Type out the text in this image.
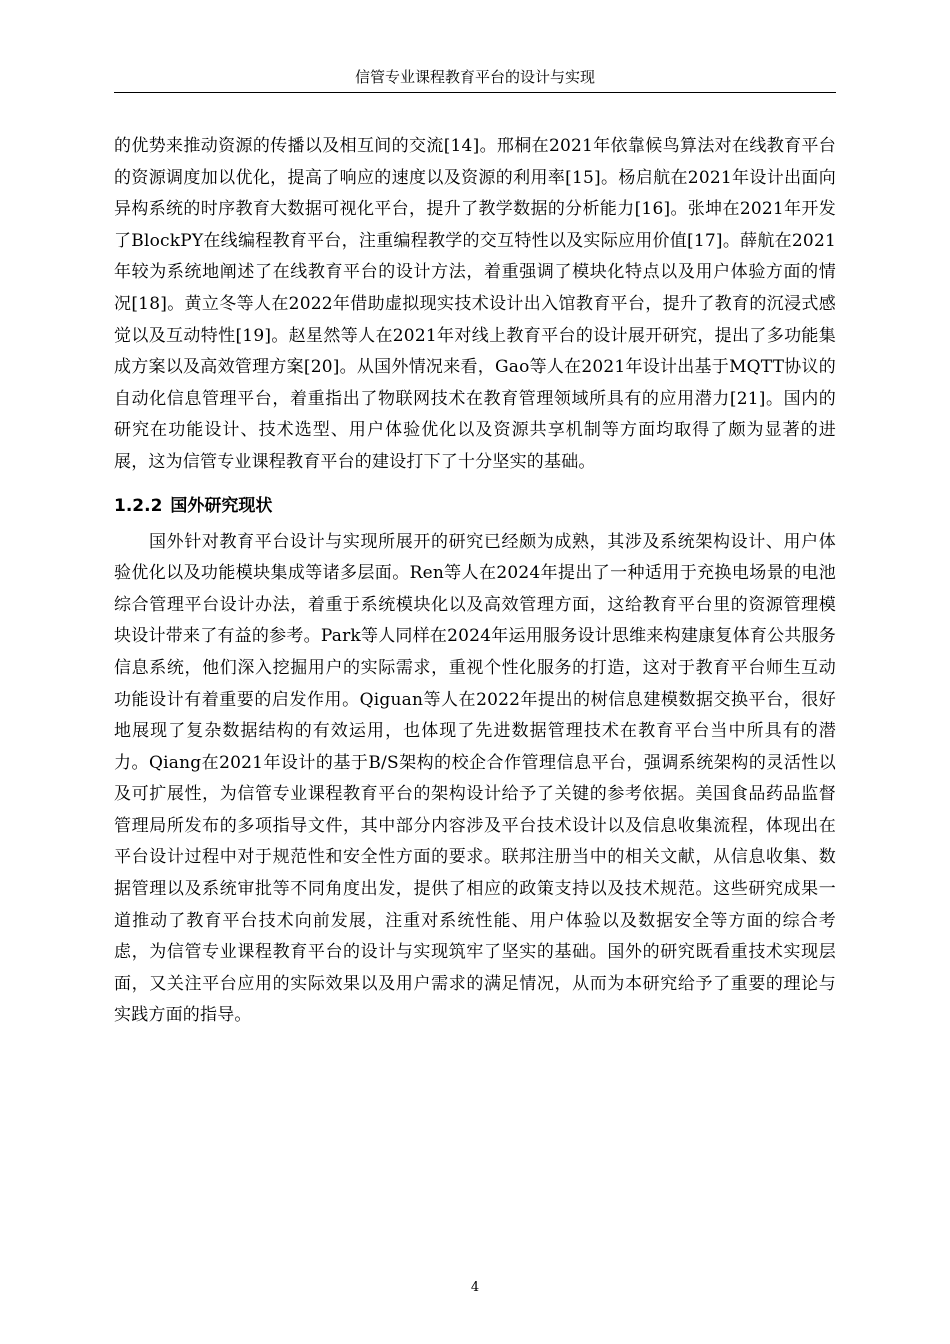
信管专业课程教育平台的设计与实现

的优势来推动资源的传播以及相互间的交流[14]。邢桐在2021年依靠候鸟算法对在线教育平台的资源调度加以优化，提高了响应的速度以及资源的利用率[15]。杨启航在2021年设计出面向异构系统的时序教育大数据可视化平台，提升了教学数据的分析能力[16]。张坤在2021年开发了BlockPY在线编程教育平台，注重编程教学的交互特性以及实际应用价值[17]。薛航在2021年较为系统地阐述了在线教育平台的设计方法，着重强调了模块化特点以及用户体验方面的情况[18]。黄立冬等人在2022年借助虚拟现实技术设计出入馆教育平台，提升了教育的沉浸式感觉以及互动特性[19]。赵星然等人在2021年对线上教育平台的设计展开研究，提出了多功能集成方案以及高效管理方案[20]。从国外情况来看，Gao等人在2021年设计出基于MQTT协议的自动化信息管理平台，着重指出了物联网技术在教育管理领域所具有的应用潜力[21]。国内的研究在功能设计、技术选型、用户体验优化以及资源共享机制等方面均取得了颇为显著的进展，这为信管专业课程教育平台的建设打下了十分坚实的基础。

1.2.2 国外研究现状

国外针对教育平台设计与实现所展开的研究已经颇为成熟，其涉及系统架构设计、用户体验优化以及功能模块集成等诸多层面。Ren等人在2024年提出了一种适用于充换电场景的电池综合管理平台设计办法，着重于系统模块化以及高效管理方面，这给教育平台里的资源管理模块设计带来了有益的参考。Park等人同样在2024年运用服务设计思维来构建康复体育公共服务信息系统，他们深入挖掘用户的实际需求，重视个性化服务的打造，这对于教育平台师生互动功能设计有着重要的启发作用。Qiguan等人在2022年提出的树信息建模数据交换平台，很好地展现了复杂数据结构的有效运用，也体现了先进数据管理技术在教育平台当中所具有的潜力。Qiang在2021年设计的基于B/S架构的校企合作管理信息平台，强调系统架构的灵活性以及可扩展性，为信管专业课程教育平台的架构设计给予了关键的参考依据。美国食品药品监督管理局所发布的多项指导文件，其中部分内容涉及平台技术设计以及信息收集流程，体现出在平台设计过程中对于规范性和安全性方面的要求。联邦注册当中的相关文献，从信息收集、数据管理以及系统审批等不同角度出发，提供了相应的政策支持以及技术规范。这些研究成果一道推动了教育平台技术向前发展，注重对系统性能、用户体验以及数据安全等方面的综合考虑，为信管专业课程教育平台的设计与实现筑牢了坚实的基础。国外的研究既看重技术实现层面，又关注平台应用的实际效果以及用户需求的满足情况，从而为本研究给予了重要的理论与实践方面的指导。

4
